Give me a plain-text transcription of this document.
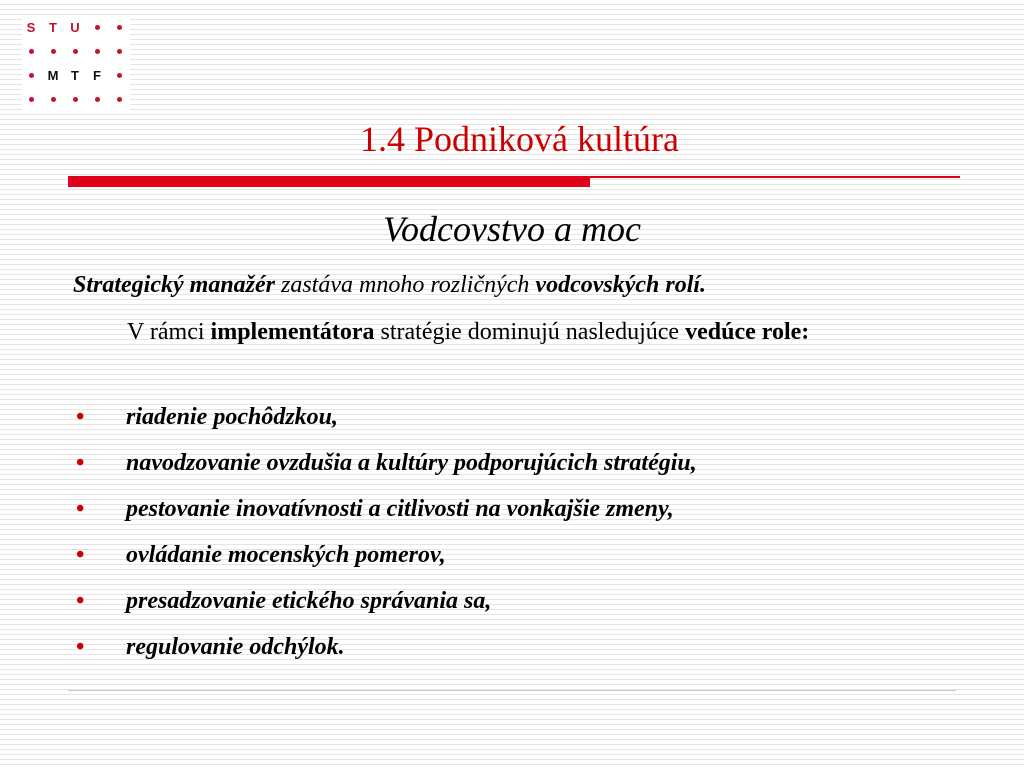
S T U
M T F
1.4 Podniková kultúra
Vodcovstvo a moc
Strategický manažér zastáva mnoho rozličných vodcovských rolí.
V rámci implementátora stratégie dominujú nasledujúce vedúce role:
• riadenie pochôdzkou,
• navodzovanie ovzdušia a kultúry podporujúcich stratégiu,
• pestovanie inovatívnosti a citlivosti na vonkajšie zmeny,
• ovládanie mocenských pomerov,
• presadzovanie etického správania sa,
• regulovanie odchýlok.
